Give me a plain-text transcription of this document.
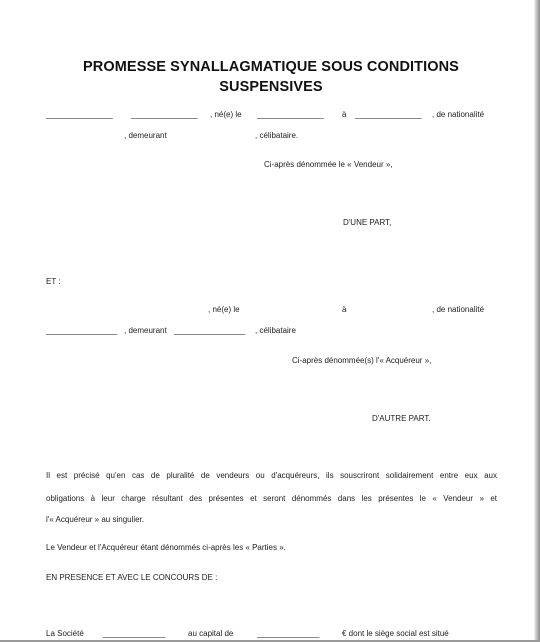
PROMESSE SYNALLAGMATIQUE SOUS CONDITIONS SUSPENSIVES
_______________ _______________ , né(e) le _______________ à _______________ , de nationalité
, demeurant	, célibataire.
Ci-après dénommée le « Vendeur »,
D'UNE PART,
ET :
, né(e) le	à	, de nationalité
________________ , demeurant ________________ , célibataire
Ci-après dénommée(s) l'« Acquéreur »,
D'AUTRE PART.
Il est précisé qu'en cas de pluralité de vendeurs ou d'acquéreurs, ils souscriront solidairement entre eux aux
obligations à leur charge résultant des présentes et seront dénommés dans les présentes le « Vendeur » et
l'« Acquéreur » au singulier.
Le Vendeur et l'Acquéreur étant dénommés ci-après les « Parties ».
EN PRESENCE ET AVEC LE CONCOURS DE :
La Société ______________	au capital de	______________	€ dont le siège social est situé
